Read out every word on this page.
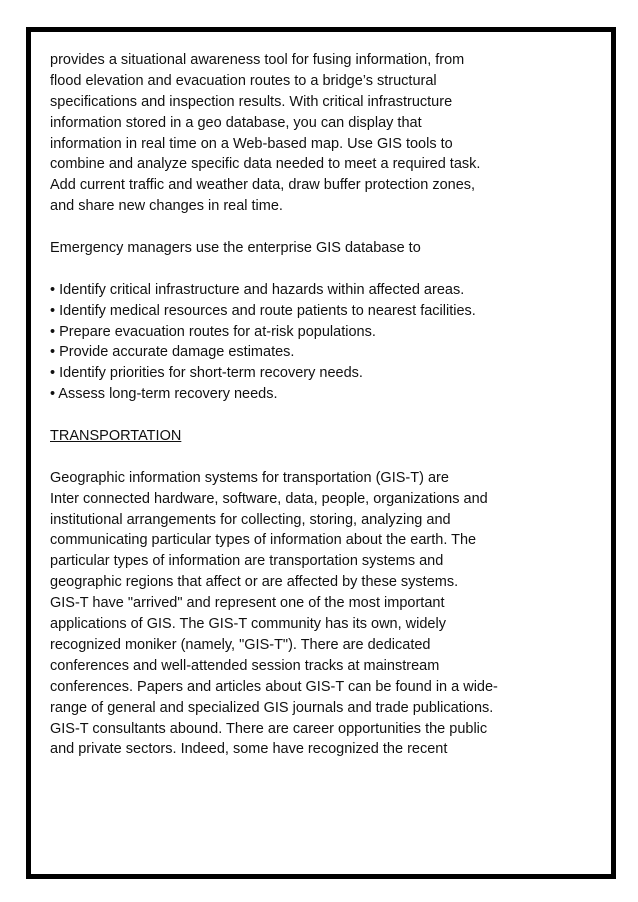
provides a situational awareness tool for fusing information, from
flood elevation and evacuation routes to a bridge’s structural
specifications and inspection results. With critical infrastructure
information stored in a geo database, you can display that
information in real time on a Web-based map. Use GIS tools to
combine and analyze specific data needed to meet a required task.
Add current traffic and weather data, draw buffer protection zones,
and share new changes in real time.
Emergency managers use the enterprise GIS database to
• Identify critical infrastructure and hazards within affected areas.
• Identify medical resources and route patients to nearest facilities.
• Prepare evacuation routes for at-risk populations.
• Provide accurate damage estimates.
• Identify priorities for short-term recovery needs.
• Assess long-term recovery needs.
TRANSPORTATION
Geographic information systems for transportation (GIS-T) are
Inter connected hardware, software, data, people, organizations and
institutional arrangements for collecting, storing, analyzing and
communicating particular types of information about the earth. The
particular types of information are transportation systems and
geographic regions that affect or are affected by these systems.
GIS-T have "arrived" and represent one of the most important
applications of GIS. The GIS-T community has its own, widely
recognized moniker (namely, "GIS-T"). There are dedicated
conferences and well-attended session tracks at mainstream
conferences. Papers and articles about GIS-T can be found in a wide-
range of general and specialized GIS journals and trade publications.
GIS-T consultants abound. There are career opportunities the public
and private sectors. Indeed, some have recognized the recent
